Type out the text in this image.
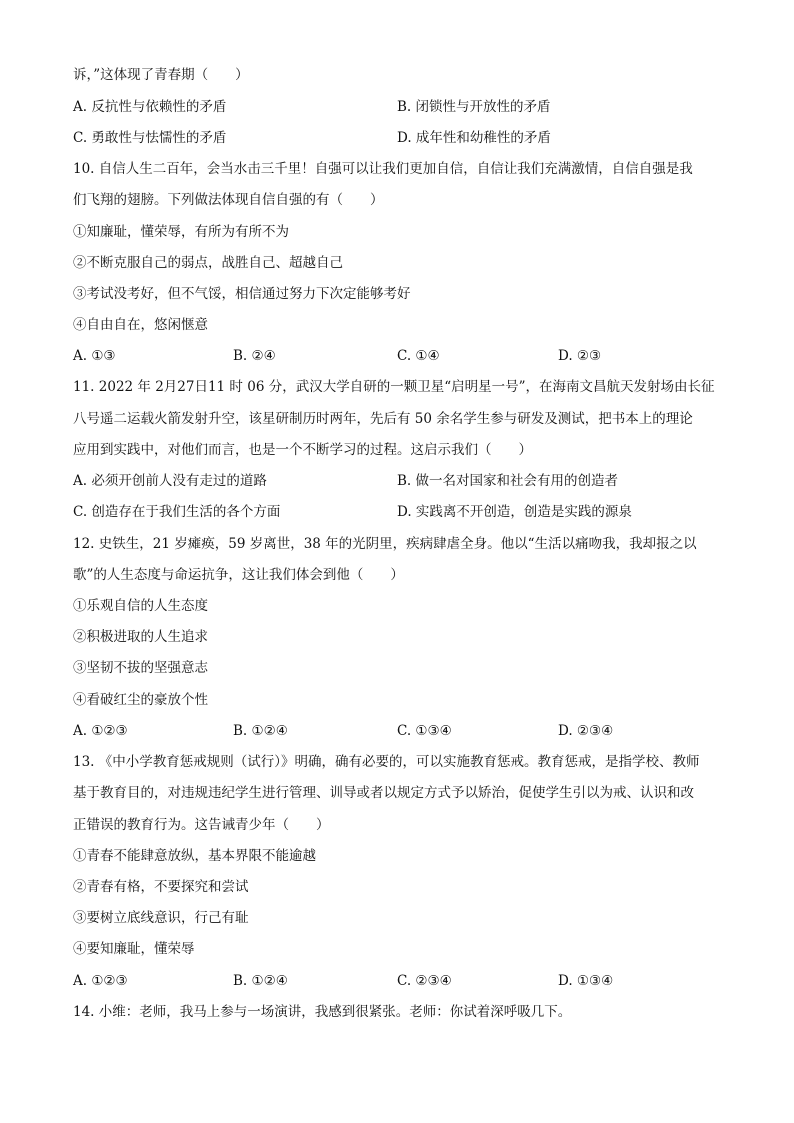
诉，”这体现了青春期（　　）
A. 反抗性与依赖性的矛盾	B. 闭锁性与开放性的矛盾
C. 勇敢性与怯懦性的矛盾	D. 成年性和幼稚性的矛盾
10. 自信人生二百年，会当水击三千里！自强可以让我们更加自信，自信让我们充满激情，自信自强是我
们飞翔的翅膀。下列做法体现自信自强的有（　　）
①知廉耻，懂荣辱，有所为有所不为
②不断克服自己的弱点，战胜自己、超越自己
③考试没考好，但不气馁，相信通过努力下次定能够考好
④自由自在，悠闲惬意
A. ①③	B. ②④	C. ①④	D. ②③
11. 2022 年 2月27日11 时 06 分，武汉大学自研的一颗卫星“启明星一号”，在海南文昌航天发射场由长征
八号遥二运载火箭发射升空，该星研制历时两年，先后有 50 余名学生参与研发及测试，把书本上的理论
应用到实践中，对他们而言，也是一个不断学习的过程。这启示我们（　　）
A. 必须开创前人没有走过的道路	B. 做一名对国家和社会有用的创造者
C. 创造存在于我们生活的各个方面	D. 实践离不开创造，创造是实践的源泉
12. 史铁生，21 岁瘫痪，59 岁离世，38 年的光阴里，疾病肆虐全身。他以“生活以痛吻我，我却报之以
歌”的人生态度与命运抗争，这让我们体会到他（　　）
①乐观自信的人生态度
②积极进取的人生追求
③坚韧不拔的坚强意志
④看破红尘的豪放个性
A. ①②③	B. ①②④	C. ①③④	D. ②③④
13. 《中小学教育惩戒规则（试行）》明确，确有必要的，可以实施教育惩戒。教育惩戒，是指学校、教师
基于教育目的，对违规违纪学生进行管理、训导或者以规定方式予以矫治，促使学生引以为戒、认识和改
正错误的教育行为。这告诫青少年（　　）
①青春不能肆意放纵，基本界限不能逾越
②青春有格，不要探究和尝试
③要树立底线意识，行己有耻
④要知廉耻，懂荣辱
A. ①②③	B. ①②④	C. ②③④	D. ①③④
14. 小维：老师，我马上参与一场演讲，我感到很紧张。老师：你试着深呼吸几下。
